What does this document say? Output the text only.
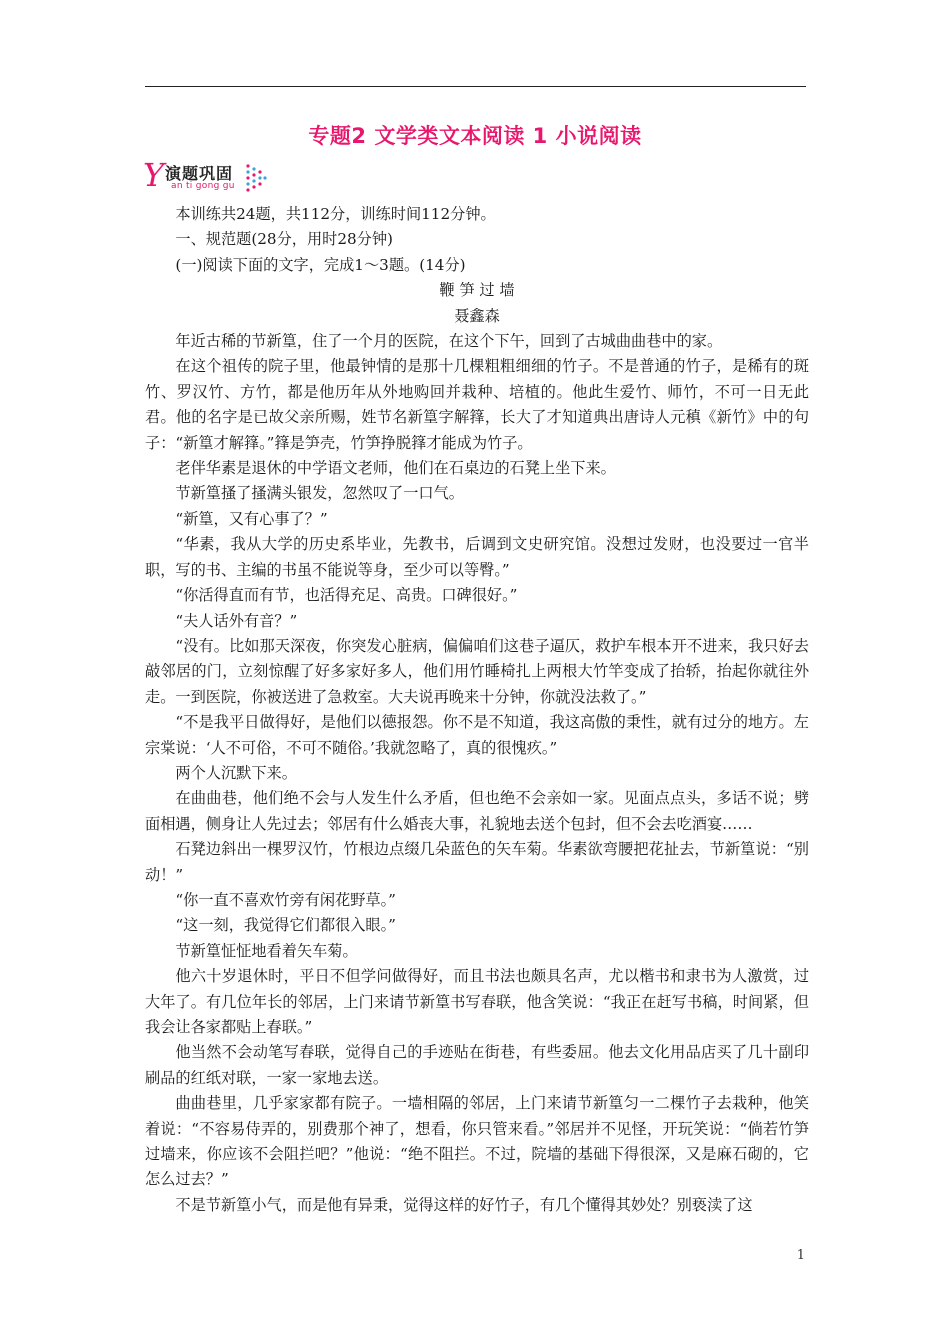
专题2 文学类文本阅读 1 小说阅读
Y 演题巩固
an ti gong gu

本训练共24题，共112分，训练时间112分钟。

一、规范题(28分，用时28分钟)

(一)阅读下面的文字，完成1～3题。(14分)

鞭 笋 过 墙

聂鑫森

年近古稀的节新篁，住了一个月的医院，在这个下午，回到了古城曲曲巷中的家。

在这个祖传的院子里，他最钟情的是那十几棵粗粗细细的竹子。不是普通的竹子，是稀有的斑竹、罗汉竹、方竹，都是他历年从外地购回并栽种、培植的。他此生爱竹、师竹，不可一日无此君。他的名字是已故父亲所赐，姓节名新篁字解箨，长大了才知道典出唐诗人元稹《新竹》中的句子：“新篁才解箨。”箨是笋壳，竹笋挣脱箨才能成为竹子。

老伴华素是退休的中学语文老师，他们在石桌边的石凳上坐下来。

节新篁搔了搔满头银发，忽然叹了一口气。

“新篁，又有心事了？”

“华素，我从大学的历史系毕业，先教书，后调到文史研究馆。没想过发财，也没要过一官半职，写的书、主编的书虽不能说等身，至少可以等臀。”

“你活得直而有节，也活得充足、高贵。口碑很好。”

“夫人话外有音？”

“没有。比如那天深夜，你突发心脏病，偏偏咱们这巷子逼仄，救护车根本开不进来，我只好去敲邻居的门，立刻惊醒了好多家好多人，他们用竹睡椅扎上两根大竹竿变成了抬轿，抬起你就往外走。一到医院，你被送进了急救室。大夫说再晚来十分钟，你就没法救了。”

“不是我平日做得好，是他们以德报怨。你不是不知道，我这高傲的秉性，就有过分的地方。左宗棠说：‘人不可俗，不可不随俗。’我就忽略了，真的很愧疚。”

两个人沉默下来。

在曲曲巷，他们绝不会与人发生什么矛盾，但也绝不会亲如一家。见面点点头，多话不说；劈面相遇，侧身让人先过去；邻居有什么婚丧大事，礼貌地去送个包封，但不会去吃酒宴……

石凳边斜出一棵罗汉竹，竹根边点缀几朵蓝色的矢车菊。华素欲弯腰把花扯去，节新篁说：“别动！”

“你一直不喜欢竹旁有闲花野草。”

“这一刻，我觉得它们都很入眼。”

节新篁怔怔地看着矢车菊。

他六十岁退休时，平日不但学问做得好，而且书法也颇具名声，尤以楷书和隶书为人激赏，过大年了。有几位年长的邻居，上门来请节新篁书写春联，他含笑说：“我正在赶写书稿，时间紧，但我会让各家都贴上春联。”

他当然不会动笔写春联，觉得自己的手迹贴在街巷，有些委屈。他去文化用品店买了几十副印刷品的红纸对联，一家一家地去送。

曲曲巷里，几乎家家都有院子。一墙相隔的邻居，上门来请节新篁匀一二棵竹子去栽种，他笑着说：“不容易侍弄的，别费那个神了，想看，你只管来看。”邻居并不见怪，开玩笑说：“倘若竹笋过墙来，你应该不会阻拦吧？”他说：“绝不阻拦。不过，院墙的基础下得很深，又是麻石砌的，它怎么过去？”

不是节新篁小气，而是他有异秉，觉得这样的好竹子，有几个懂得其妙处？别亵渎了这

1
